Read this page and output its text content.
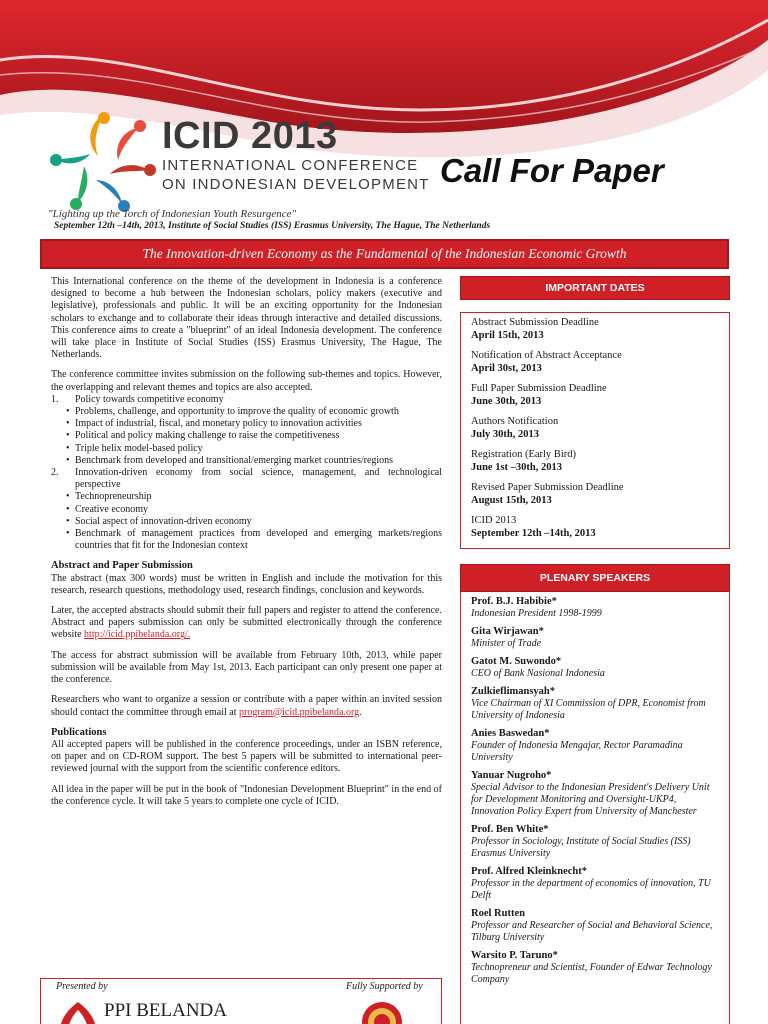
ICID 2013
INTERNATIONAL CONFERENCE
ON INDONESIAN DEVELOPMENT Call For Paper
"Lighting up the Torch of Indonesian Youth Resurgence"
September 12th –14th, 2013, Institute of Social Studies (ISS) Erasmus University, The Hague, The Netherlands
The Innovation-driven Economy as the Fundamental of the Indonesian Economic Growth

This International conference on the theme of the development in Indonesia is a conference designed to become a hub between the Indonesian scholars, policy makers (executive and legislative), professionals and public. It will be an exciting opportunity for the Indonesian scholars to exchange and to collaborate their ideas through interactive and detailed discussions. This conference aims to create a "blueprint" of an ideal Indonesia development. The conference will take place in Institute of Social Studies (ISS) Erasmus University, The Hague, The Netherlands.

The conference committee invites submission on the following sub-themes and topics. However, the overlapping and relevant themes and topics are also accepted.

1. Policy towards competitive economy
• Problems, challenge, and opportunity to improve the quality of economic growth
• Impact of industrial, fiscal, and monetary policy to innovation activities
• Political and policy making challenge to raise the competitiveness
• Triple helix model-based policy
• Benchmark from developed and transitional/emerging market countries/regions
2. Innovation-driven economy from social science, management, and technological perspective
• Technopreneurship
• Creative economy
• Social aspect of innovation-driven economy
• Benchmark of management practices from developed and emerging markets/regions countries that fit for the Indonesian context
Abstract and Paper Submission

The abstract (max 300 words) must be written in English and include the motivation for this research, research questions, methodology used, research findings, conclusion and keywords.

Later, the accepted abstracts should submit their full papers and register to attend the conference. Abstract and papers submission can only be submitted electronically through the conference website http://icid.ppibelanda.org/.

The access for abstract submission will be available from February 10th, 2013, while paper submission will be available from May 1st, 2013. Each participant can only present one paper at the conference.

Researchers who want to organize a session or contribute with a paper within an invited session should contact the committee through email at program@icid.ppibelanda.org.

Publications

All accepted papers will be published in the conference proceedings, under an ISBN reference, on paper and on CD-ROM support. The best 5 papers will be submitted to international peer-reviewed journal with the support from the scientific conference editors.

All idea in the paper will be put in the book of "Indonesian Development Blueprint" in the end of the conference cycle. It will take 5 years to complete one cycle of ICID.

IMPORTANT DATES
Abstract Submission Deadline
April 15th, 2013
Notification of Abstract Acceptance
April 30st, 2013
Full Paper Submission Deadline
June 30th, 2013
Authors Notification
July 30th, 2013
Registration (Early Bird)
June 1st –30th, 2013
Revised Paper Submission Deadline
August 15th, 2013
ICID 2013
September 12th –14th, 2013
PLENARY SPEAKERS
Prof. B.J. Habibie*
Indonesian President 1998-1999
Gita Wirjawan*
Minister of Trade
Gatot M. Suwondo*
CEO of Bank Nasional Indonesia
Zulkieflimansyah*
Vice Chairman of XI Commission of DPR, Economist from University of Indonesia
Anies Baswedan*
Founder of Indonesia Mengajar, Rector Paramadina University
Yanuar Nugroho*
Special Advisor to the Indonesian President's Delivery Unit for Development Monitoring and Oversight-UKP4, Innovation Policy Expert from University of Manchester
Prof. Ben White*
Professor in Sociology, Institute of Social Studies (ISS) Erasmus University
Prof. Alfred Kleinknecht*
Professor in the department of economics of innovation, TU Delft
Roel Rutten
Professor and Researcher of Social and Behavioral Science, Tilburg University
Warsito P. Taruno*
Technopreneur and Scientist, Founder of Edwar Technology Company
Presented by	Fully Supported by
PPI BELANDA
